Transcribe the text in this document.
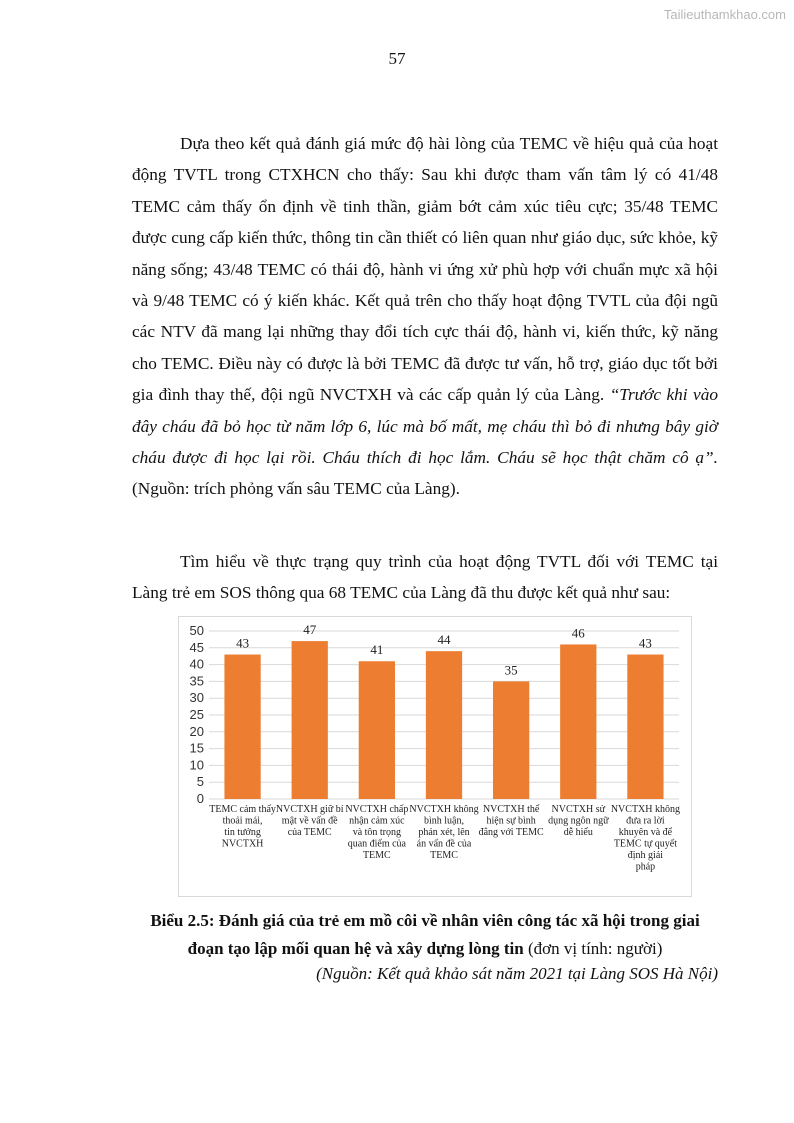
Tailieuthamkhao.com
57

Dựa theo kết quả đánh giá mức độ hài lòng của TEMC về hiệu quả của hoạt động TVTL trong CTXHCN cho thấy: Sau khi được tham vấn tâm lý có 41/48 TEMC cảm thấy ổn định về tinh thần, giảm bớt cảm xúc tiêu cực; 35/48 TEMC được cung cấp kiến thức, thông tin cần thiết có liên quan như giáo dục, sức khỏe, kỹ năng sống; 43/48 TEMC có thái độ, hành vi ứng xử phù hợp với chuẩn mực xã hội và 9/48 TEMC có ý kiến khác. Kết quả trên cho thấy hoạt động TVTL của đội ngũ các NTV đã mang lại những thay đổi tích cực thái độ, hành vi, kiến thức, kỹ năng cho TEMC. Điều này có được là bởi TEMC đã được tư vấn, hỗ trợ, giáo dục tốt bởi gia đình thay thế, đội ngũ NVCTXH và các cấp quản lý của Làng. “Trước khi vào đây cháu đã bỏ học từ năm lớp 6, lúc mà bố mất, mẹ cháu thì bỏ đi nhưng bây giờ cháu được đi học lại rồi. Cháu thích đi học lắm. Cháu sẽ học thật chăm cô ạ”. (Nguồn: trích phỏng vấn sâu TEMC của Làng).

Tìm hiểu về thực trạng quy trình của hoạt động TVTL đối với TEMC tại Làng trẻ em SOS thông qua 68 TEMC của Làng đã thu được kết quả như sau:

50
45
40
35
30
25
20
15
10
5
0
43
TEMC cảm thấy thoải mái, tin tưởng NVCTXH
47
NVCTXH giữ bí mật về vấn đề của TEMC
41
NVCTXH chấp nhận cảm xúc và tôn trọng quan điểm của TEMC
44
NVCTXH không bình luận, phán xét, lên án vấn đề của TEMC
35
NVCTXH thể hiện sự bình đẳng với TEMC
46
NVCTXH sử dụng ngôn ngữ dễ hiểu
43
NVCTXH không đưa ra lời khuyên và để TEMC tự quyết định giải pháp
Biểu 2.5: Đánh giá của trẻ em mồ côi về nhân viên công tác xã hội trong giai đoạn tạo lập mối quan hệ và xây dựng lòng tin (đơn vị tính: người)
(Nguồn: Kết quả khảo sát năm 2021 tại Làng SOS Hà Nội)
